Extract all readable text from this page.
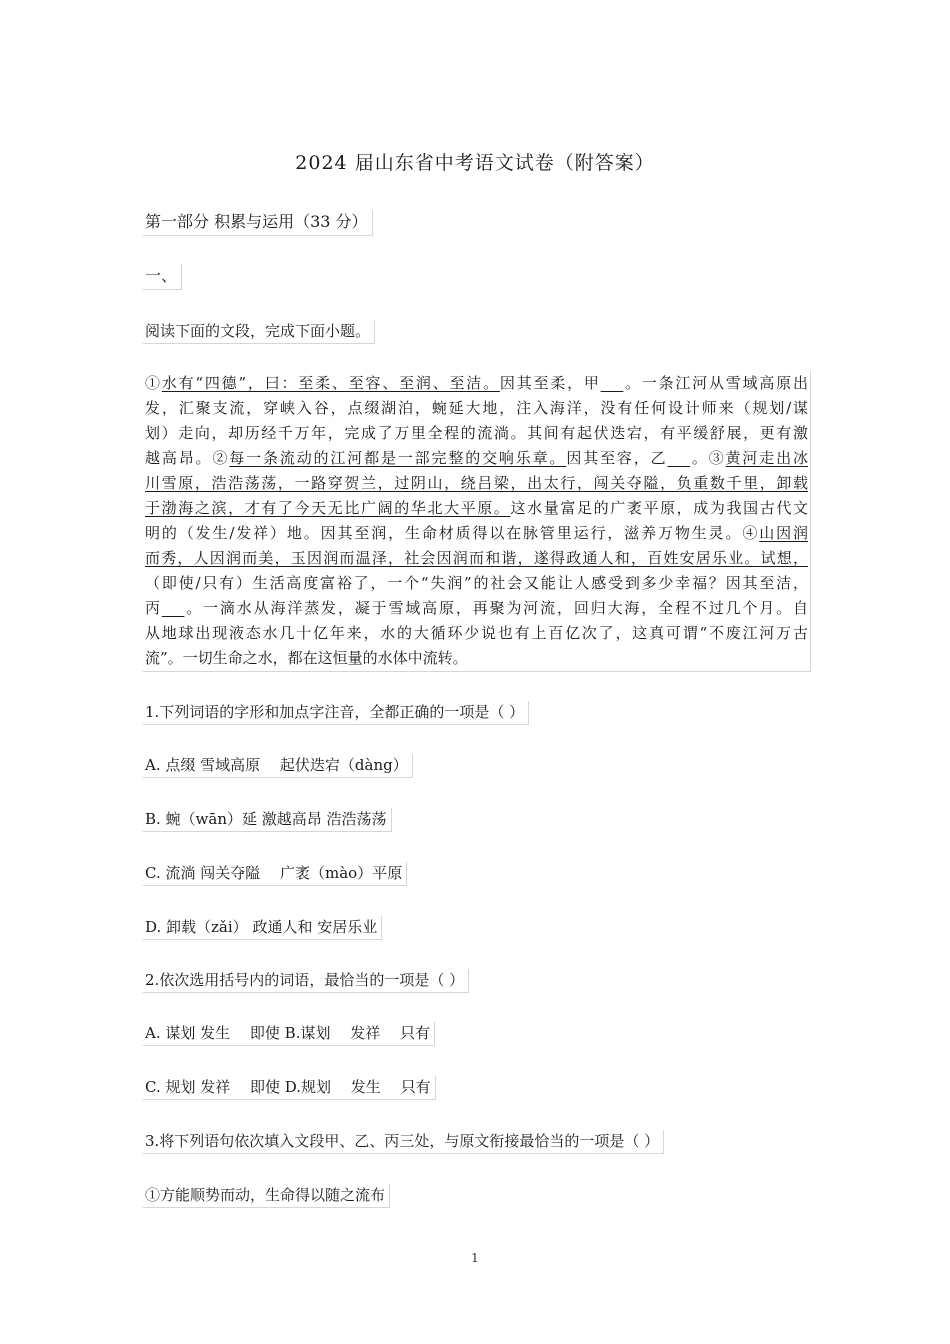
2024 届山东省中考语文试卷（附答案）
第一部分 积累与运用（33 分）
一、
阅读下面的文段，完成下面小题。
①水有“四德”，曰：至柔、至容、至润、至洁。因其至柔，甲___。一条江河从雪域高原出
发，汇聚支流，穿峡入谷，点缀湖泊，蜿延大地，注入海洋，没有任何设计师来（规划/谋
划）走向，却历经千万年，完成了万里全程的流淌。其间有起伏迭宕，有平缓舒展，更有激
越高昂。②每一条流动的江河都是一部完整的交响乐章。因其至容，乙___。③黄河走出冰
川雪原，浩浩荡荡，一路穿贺兰，过阴山，绕吕梁，出太行，闯关夺隘，负重数千里，卸载
于渤海之滨，才有了今天无比广阔的华北大平原。这水量富足的广袤平原，成为我国古代文
明的（发生/发祥）地。因其至润，生命材质得以在脉管里运行，滋养万物生灵。④山因润
而秀，人因润而美，玉因润而温泽，社会因润而和谐，遂得政通人和，百姓安居乐业。试想，
（即使/只有）生活高度富裕了，一个“失润”的社会又能让人感受到多少幸福？因其至洁，
丙___。一滴水从海洋蒸发，凝于雪域高原，再聚为河流，回归大海，全程不过几个月。自
从地球出现液态水几十亿年来，水的大循环少说也有上百亿次了，这真可谓“不废江河万古
流”。一切生命之水，都在这恒量的水体中流转。
1.下列词语的字形和加点字注音，全都正确的一项是（ ）
A. 点缀 雪域高原　 起伏迭宕（dàng）
B. 蜿（wān）延 激越高昂 浩浩荡荡
C. 流淌 闯关夺隘　 广袤（mào）平原
D. 卸载（zǎi） 政通人和 安居乐业
2.依次选用括号内的词语，最恰当的一项是（ ）
A. 谋划 发生　 即使 B.谋划　 发祥　 只有
C. 规划 发祥　 即使 D.规划　 发生　 只有
3.将下列语句依次填入文段甲、乙、丙三处，与原文衔接最恰当的一项是（ ）
①方能顺势而动，生命得以随之流布
1
